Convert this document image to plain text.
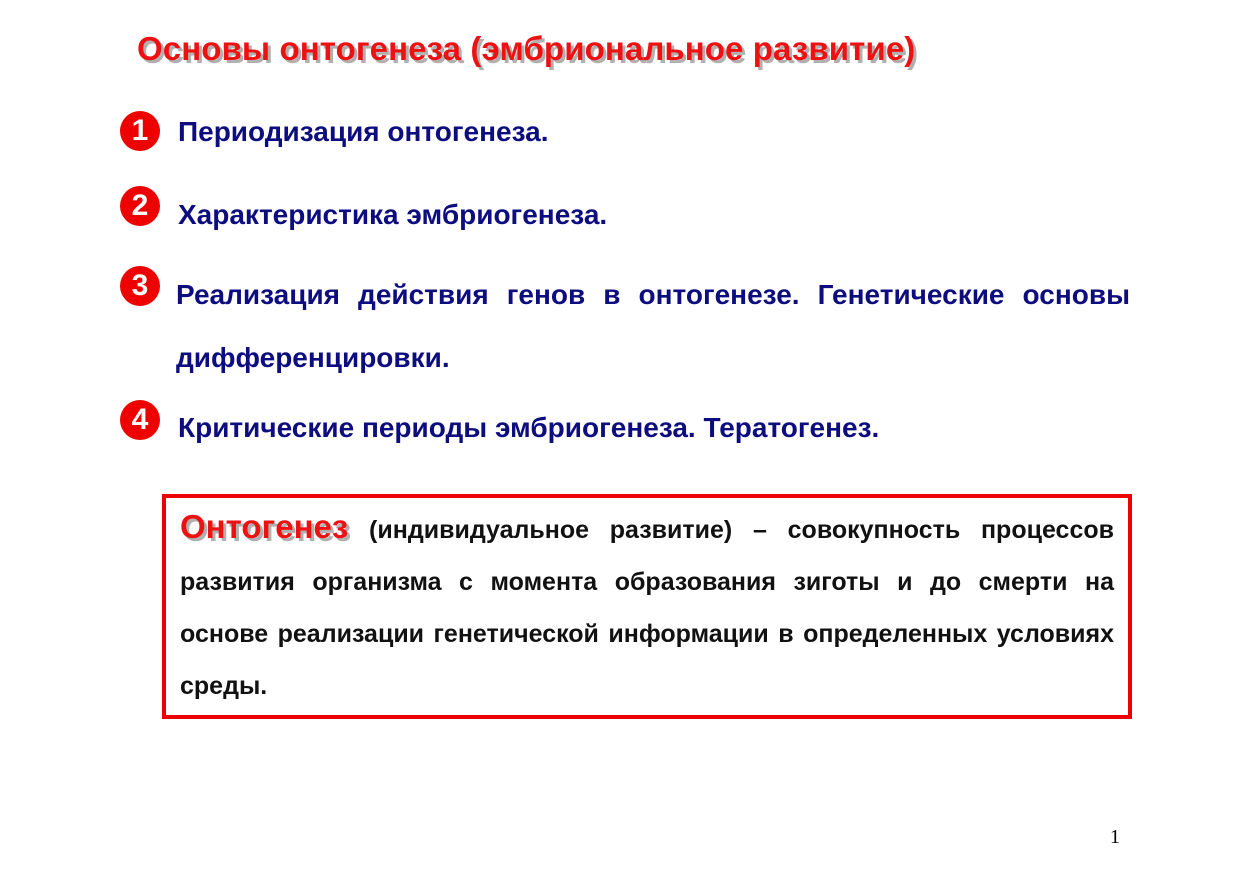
Основы онтогенеза (эмбриональное развитие)
1	Периодизация онтогенеза.

2	Характеристика эмбриогенеза.

3 Реализация действия генов в онтогенезе. Генетические основы дифференцировки.

4	Критические периоды эмбриогенеза. Тератогенез.

Онтогенез (индивидуальное развитие) – совокупность процессов развития организма с момента образования зиготы и до смерти на основе реализации генетической информации в определенных условиях среды.

1
